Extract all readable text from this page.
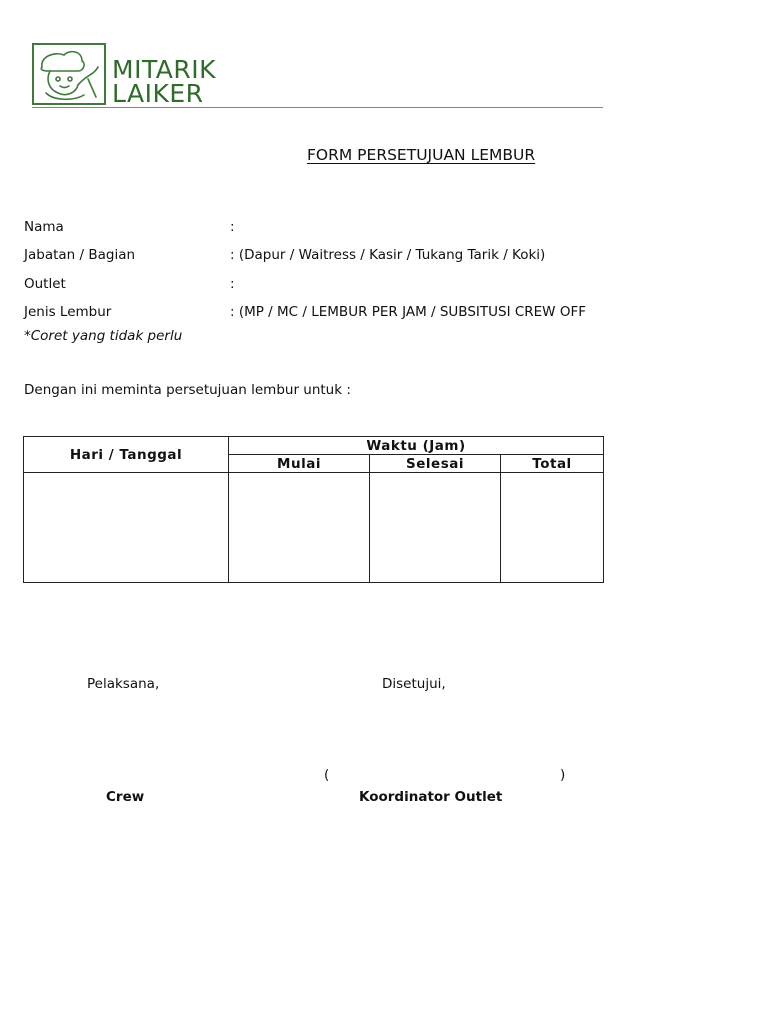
MITARIK
LAIKER
FORM PERSETUJUAN LEMBUR
Nama	:
Jabatan / Bagian	: (Dapur / Waitress / Kasir / Tukang Tarik / Koki)
Outlet	:
Jenis Lembur	: (MP / MC / LEMBUR PER JAM / SUBSITUSI CREW OFF
*Coret yang tidak perlu
Dengan ini meminta persetujuan lembur untuk :
Hari / Tanggal	Waktu (Jam)		
	Mulai	Selesai	Total

Pelaksana,	Disetujui,
(	)
Crew	Koordinator Outlet
